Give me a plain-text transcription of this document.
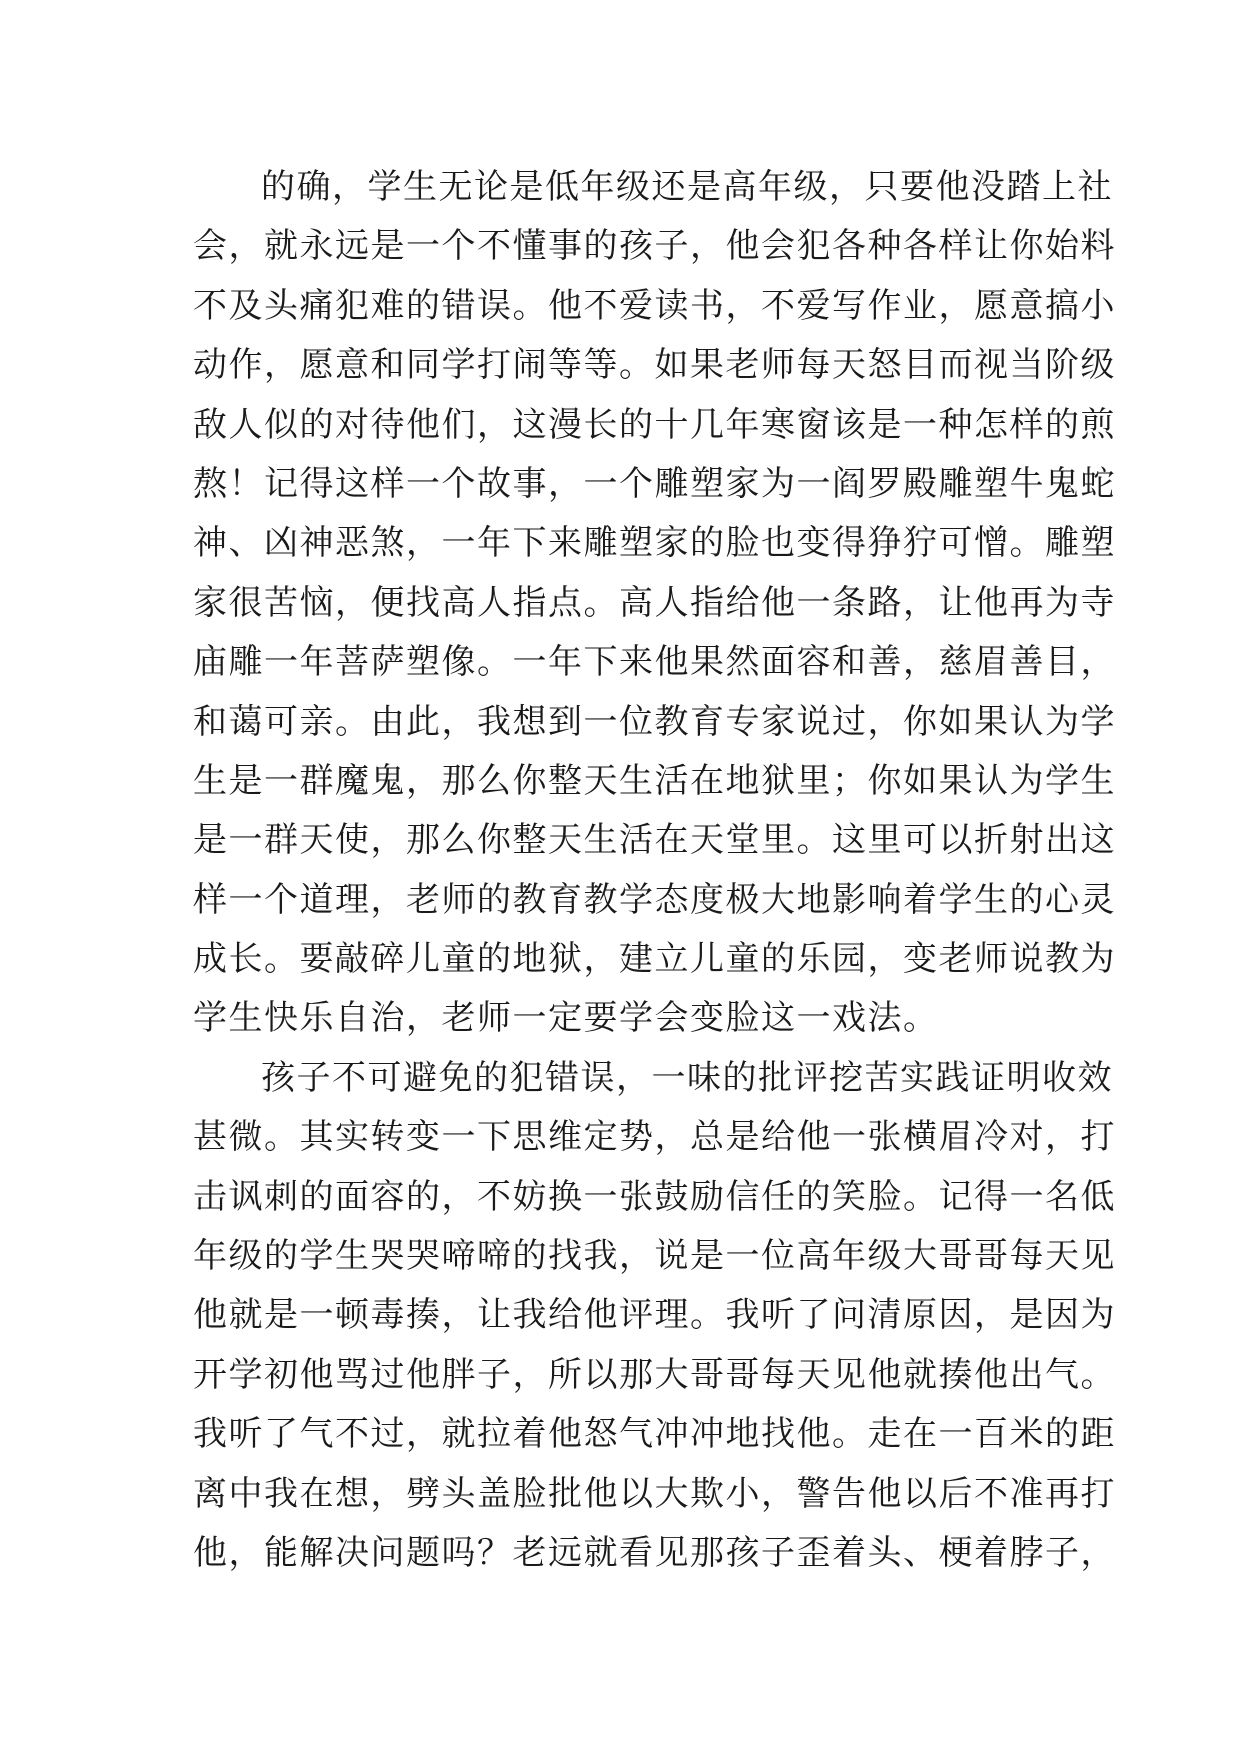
的确，学生无论是低年级还是高年级，只要他没踏上社
会，就永远是一个不懂事的孩子，他会犯各种各样让你始料
不及头痛犯难的错误。他不爱读书，不爱写作业，愿意搞小
动作，愿意和同学打闹等等。如果老师每天怒目而视当阶级
敌人似的对待他们，这漫长的十几年寒窗该是一种怎样的煎
熬！记得这样一个故事，一个雕塑家为一阎罗殿雕塑牛鬼蛇
神、凶神恶煞，一年下来雕塑家的脸也变得狰狞可憎。雕塑
家很苦恼，便找高人指点。高人指给他一条路，让他再为寺
庙雕一年菩萨塑像。一年下来他果然面容和善，慈眉善目，
和蔼可亲。由此，我想到一位教育专家说过，你如果认为学
生是一群魔鬼，那么你整天生活在地狱里；你如果认为学生
是一群天使，那么你整天生活在天堂里。这里可以折射出这
样一个道理，老师的教育教学态度极大地影响着学生的心灵
成长。要敲碎儿童的地狱，建立儿童的乐园，变老师说教为
学生快乐自治，老师一定要学会变脸这一戏法。
孩子不可避免的犯错误，一味的批评挖苦实践证明收效
甚微。其实转变一下思维定势，总是给他一张横眉冷对，打
击讽刺的面容的，不妨换一张鼓励信任的笑脸。记得一名低
年级的学生哭哭啼啼的找我，说是一位高年级大哥哥每天见
他就是一顿毒揍，让我给他评理。我听了问清原因，是因为
开学初他骂过他胖子，所以那大哥哥每天见他就揍他出气。
我听了气不过，就拉着他怒气冲冲地找他。走在一百米的距
离中我在想，劈头盖脸批他以大欺小，警告他以后不准再打
他，能解决问题吗？老远就看见那孩子歪着头、梗着脖子，
